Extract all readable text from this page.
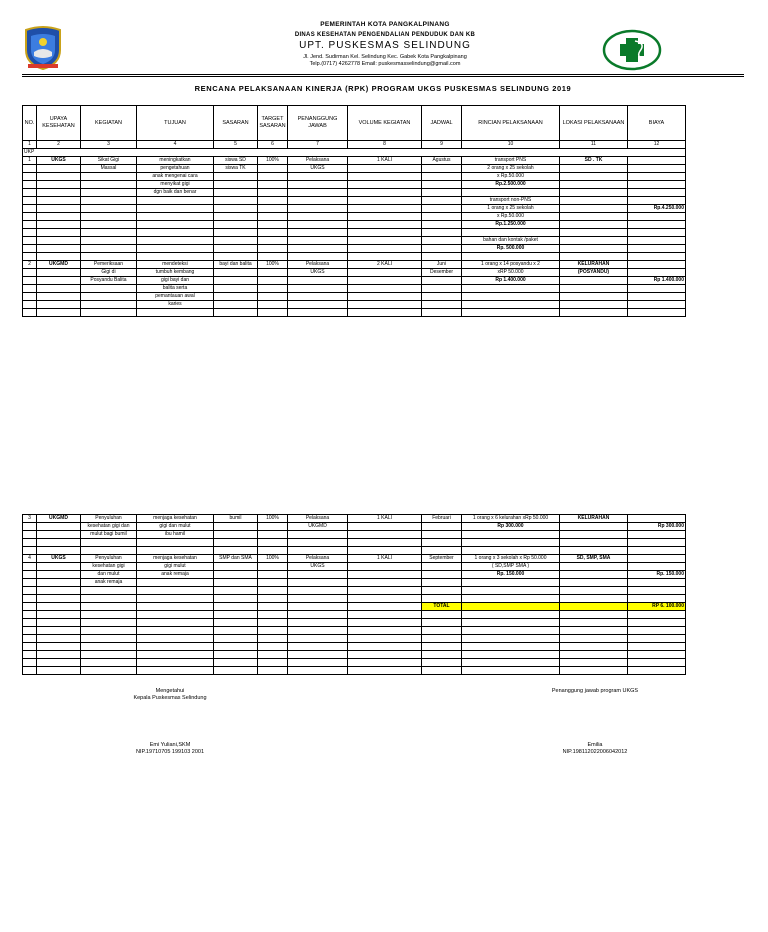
PEMERINTAH KOTA PANGKALPINANG
DINAS KESEHATAN PENGENDALIAN PENDUDUK DAN KB
UPT. PUSKESMAS SELINDUNG
Jl. Jend. Sudirman Kel. Selindung Kec. Gabek Kota Pangkalpinang
Telp.(0717) 4262778 Email: puskesmasselindung@gmail.com
RENCANA PELAKSANAAN KINERJA (RPK) PROGRAM UKGS PUSKESMAS SELINDUNG 2019
NO.	UPAYA KESEHATAN	KEGIATAN	TUJUAN	SASARAN	TARGET SASARAN	PENANGGUNG JAWAB	VOLUME KEGIATAN	JADWAL	RINCIAN PELAKSANAAN	LOKASI PELAKSANAAN	BIAYA
1	2	3	4	5	6	7	8	9	10	11	12
UKP											
1	UKGS	Sikat Gigi	meningkatkan	siswa SD	100%	Pelaksana	1 KALI	Agustus	transport PNS	SD . TK	
		Massal	pengetahuan	siswa TK		UKGS			2 orang x 25 sekolah		
			anak mengenai cara						x Rp.50.000		
			menyikat gigi						Rp.2.500.000		
			dgn baik dan benar								
									transport non-PNS		
									1 orang x 25 sekolah		Rp.4.250.000
									x Rp.50.000		
									Rp.1.250.000		

									bahan dan kontak /paket		
									Rp. 500.000		

2	UKGMD	Pemeriksaan	mendeteksi	bayi dan balita	100%	Pelaksana	2 KALI	Juni	1 orang x 14 posyandu x 2	KELURAHAN	
		Gigi di	tumbuh kembang			UKGS		Desember	xRP 50.000	(POSYANDU)	
		Posyandu Balita	gigi bayi dan						Rp 1.400.000		Rp 1.400.000
			balita serta								
			pemantauan awal								
			karies								

3	UKGMD	Penyuluhan	menjaga kesehatan	bumil	100%	Pelaksana	1 KALI	Februari	1 orang x 6 kelurahan xRp 50.000	KELURAHAN	
		kesehatan gigi dan	gigi dan mulut			UKGMD			Rp 300.000		Rp 300.000
		mulut bagi bumil	ibu hamil								

4	UKGS	Penyuluhan	menjaga kesehatan	SMP dan SMA	100%	Pelaksana	1 KALI	September	1 orang x 3 sekolah x Rp 50.000	SD, SMP, SMA	
		kesehatan gigi	gigi mulut			UKGS			( SD,SMP SMA )		
		dan mulut	anak remaja						Rp. 150.000		Rp. 150.000
		anak remaja									

								TOTAL			RP 6. 100.000

Mengetahui
Kepala Puskesmas Selindung
Emi Yuliani,SKM
NIP.19710705 199103 2001
Penanggung jawab program UKGS
Emilia
NIP.198112022006042012
